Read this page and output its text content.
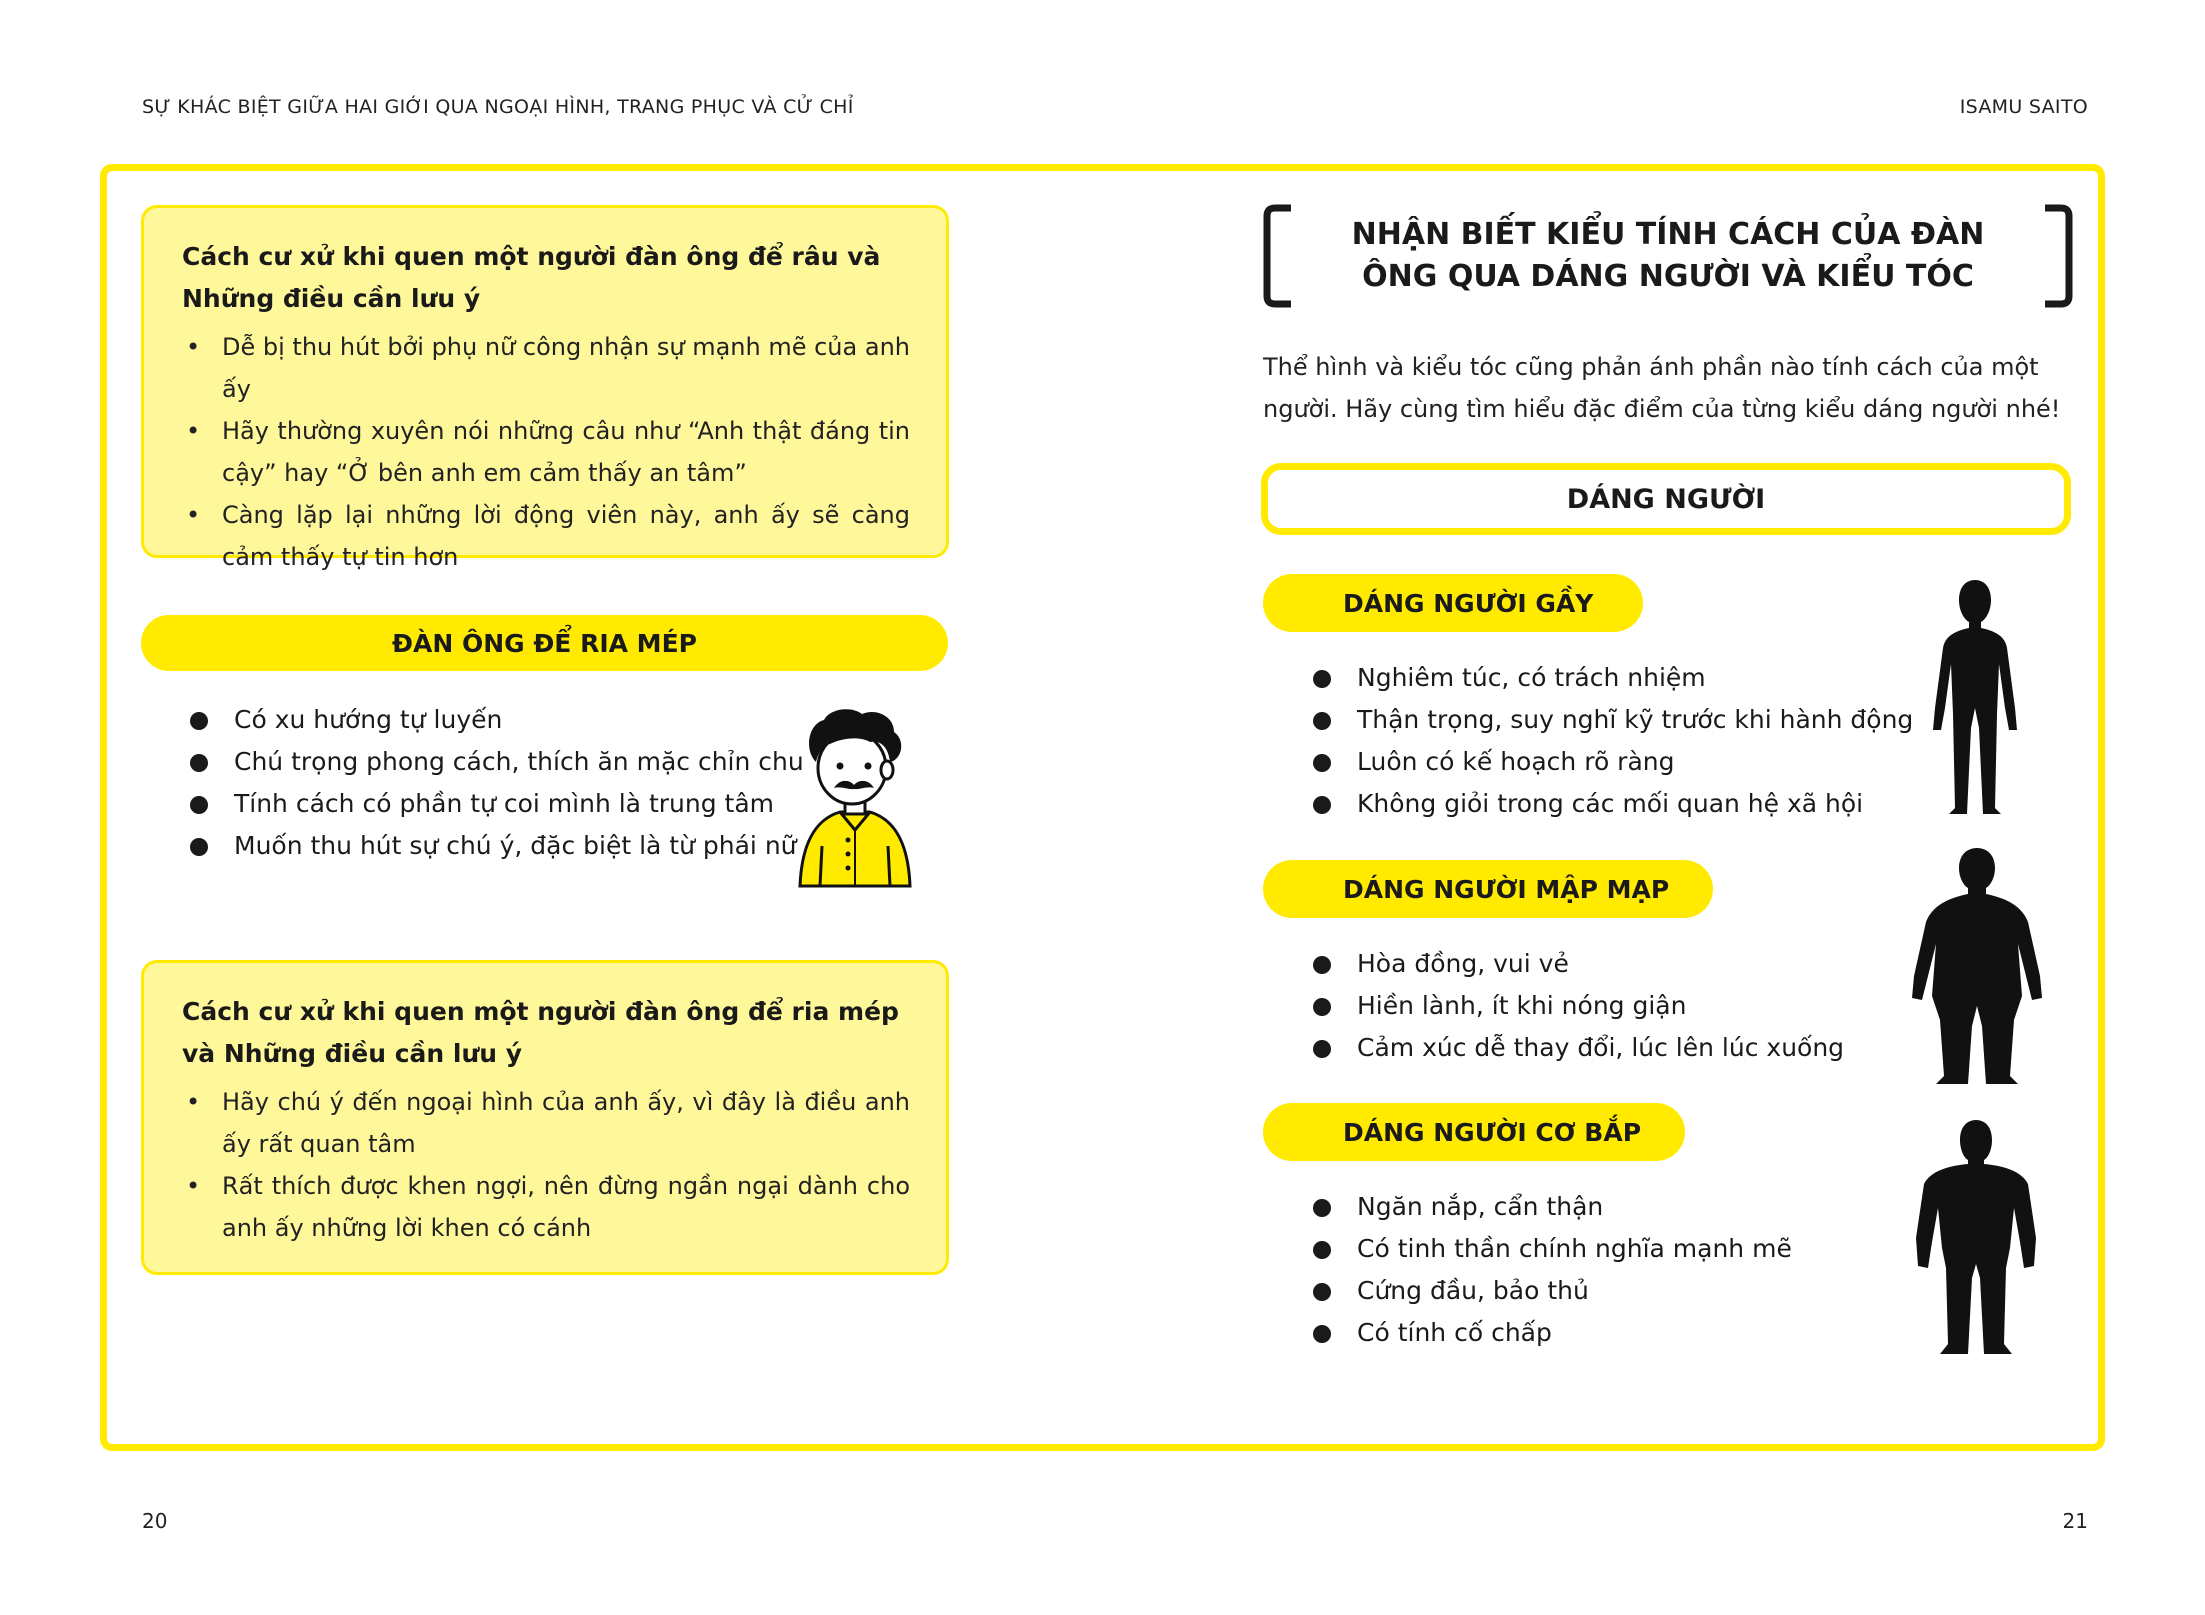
SỰ KHÁC BIỆT GIỮA HAI GIỚI QUA NGOẠI HÌNH, TRANG PHỤC VÀ CỬ CHỈ	ISAMU SAITO
Cách cư xử khi quen một người đàn ông để râu và Những điều cần lưu ý
• Dễ bị thu hút bởi phụ nữ công nhận sự mạnh mẽ của anh ấy
• Hãy thường xuyên nói những câu như “Anh thật đáng tin cậy” hay “Ở bên anh em cảm thấy an tâm”
• Càng lặp lại những lời động viên này, anh ấy sẽ càng cảm thấy tự tin hơn
ĐÀN ÔNG ĐỂ RIA MÉP
Có xu hướng tự luyến
Chú trọng phong cách, thích ăn mặc chỉn chu
Tính cách có phần tự coi mình là trung tâm
Muốn thu hút sự chú ý, đặc biệt là từ phái nữ
Cách cư xử khi quen một người đàn ông để ria mép và Những điều cần lưu ý
• Hãy chú ý đến ngoại hình của anh ấy, vì đây là điều anh ấy rất quan tâm
• Rất thích được khen ngợi, nên đừng ngần ngại dành cho anh ấy những lời khen có cánh
NHẬN BIẾT KIỂU TÍNH CÁCH CỦA ĐÀN ÔNG QUA DÁNG NGƯỜI VÀ KIỂU TÓC
Thể hình và kiểu tóc cũng phản ánh phần nào tính cách của một người. Hãy cùng tìm hiểu đặc điểm của từng kiểu dáng người nhé!
DÁNG NGƯỜI
DÁNG NGƯỜI GẦY
Nghiêm túc, có trách nhiệm
Thận trọng, suy nghĩ kỹ trước khi hành động
Luôn có kế hoạch rõ ràng
Không giỏi trong các mối quan hệ xã hội
DÁNG NGƯỜI MẬP MẠP
Hòa đồng, vui vẻ
Hiền lành, ít khi nóng giận
Cảm xúc dễ thay đổi, lúc lên lúc xuống
DÁNG NGƯỜI CƠ BẮP
Ngăn nắp, cẩn thận
Có tinh thần chính nghĩa mạnh mẽ
Cứng đầu, bảo thủ
Có tính cố chấp
20	21
